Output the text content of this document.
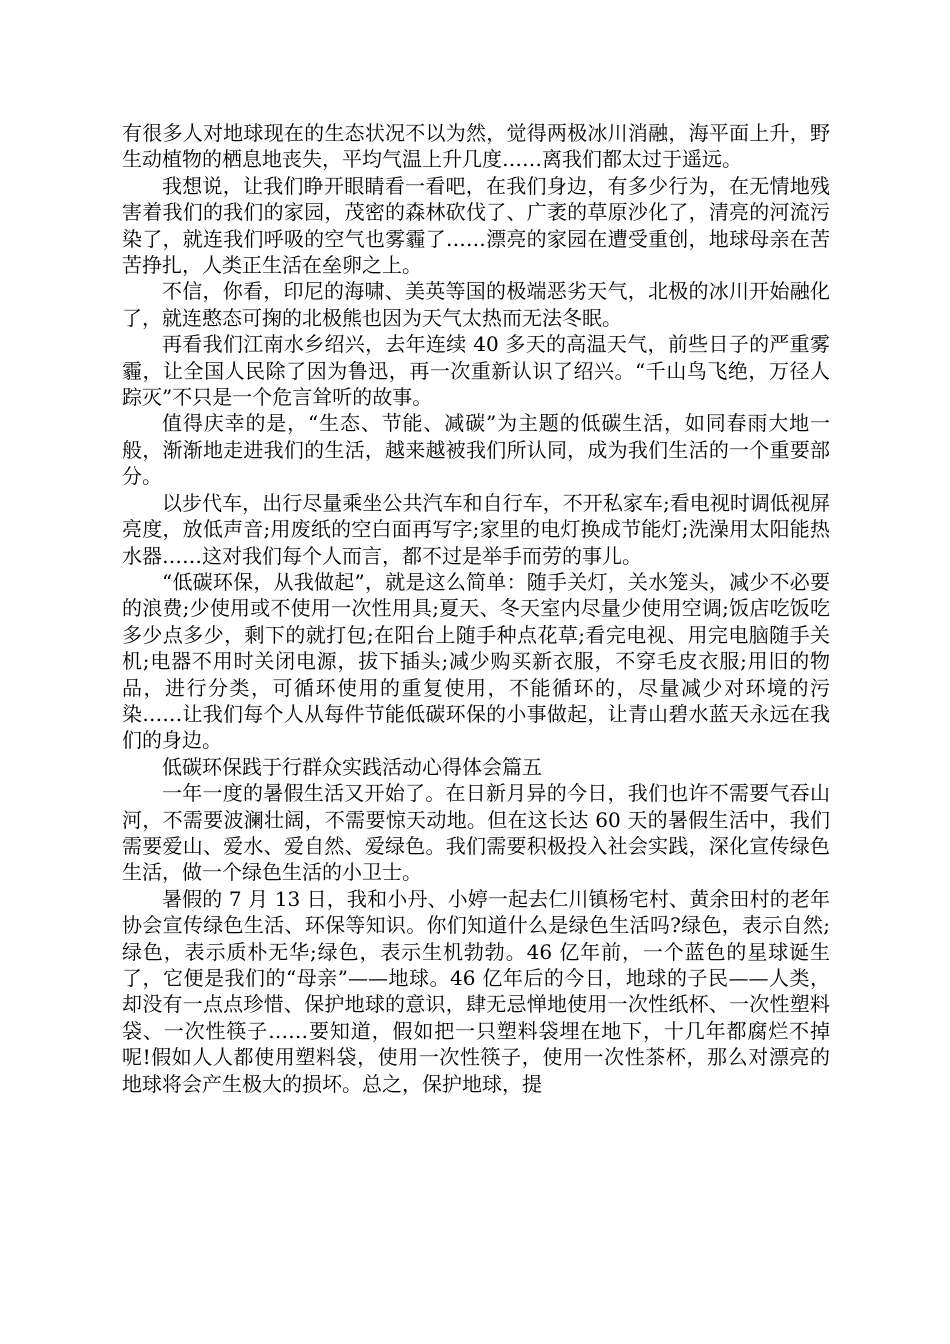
有很多人对地球现在的生态状况不以为然，觉得两极冰川消融，海平面上升，野生动植物的栖息地丧失，平均气温上升几度……离我们都太过于遥远。

我想说，让我们睁开眼睛看一看吧，在我们身边，有多少行为，在无情地残害着我们的我们的家园，茂密的森林砍伐了、广袤的草原沙化了，清亮的河流污染了，就连我们呼吸的空气也雾霾了……漂亮的家园在遭受重创，地球母亲在苦苦挣扎，人类正生活在垒卵之上。

不信，你看，印尼的海啸、美英等国的极端恶劣天气，北极的冰川开始融化了，就连憨态可掬的北极熊也因为天气太热而无法冬眠。

再看我们江南水乡绍兴，去年连续 40 多天的高温天气，前些日子的严重雾霾，让全国人民除了因为鲁迅，再一次重新认识了绍兴。“千山鸟飞绝，万径人踪灭”不只是一个危言耸听的故事。

值得庆幸的是，“生态、节能、减碳”为主题的低碳生活，如同春雨大地一般，渐渐地走进我们的生活，越来越被我们所认同，成为我们生活的一个重要部分。

以步代车，出行尽量乘坐公共汽车和自行车，不开私家车;看电视时调低视屏亮度，放低声音;用废纸的空白面再写字;家里的电灯换成节能灯;洗澡用太阳能热水器……这对我们每个人而言，都不过是举手而劳的事儿。

“低碳环保，从我做起”，就是这么简单：随手关灯，关水笼头，减少不必要的浪费;少使用或不使用一次性用具;夏天、冬天室内尽量少使用空调;饭店吃饭吃多少点多少，剩下的就打包;在阳台上随手种点花草;看完电视、用完电脑随手关机;电器不用时关闭电源，拔下插头;减少购买新衣服，不穿毛皮衣服;用旧的物品，进行分类，可循环使用的重复使用，不能循环的，尽量减少对环境的污染……让我们每个人从每件节能低碳环保的小事做起，让青山碧水蓝天永远在我们的身边。

低碳环保践于行群众实践活动心得体会篇五

一年一度的暑假生活又开始了。在日新月异的今日，我们也许不需要气吞山河，不需要波澜壮阔，不需要惊天动地。但在这长达 60 天的暑假生活中，我们需要爱山、爱水、爱自然、爱绿色。我们需要积极投入社会实践，深化宣传绿色生活，做一个绿色生活的小卫士。

暑假的 7 月 13 日，我和小丹、小婷一起去仁川镇杨宅村、黄余田村的老年协会宣传绿色生活、环保等知识。你们知道什么是绿色生活吗?绿色，表示自然;绿色，表示质朴无华;绿色，表示生机勃勃。46 亿年前，一个蓝色的星球诞生了，它便是我们的“母亲”——地球。46 亿年后的今日，地球的子民——人类，却没有一点点珍惜、保护地球的意识，肆无忌惮地使用一次性纸杯、一次性塑料袋、一次性筷子……要知道，假如把一只塑料袋埋在地下，十几年都腐烂不掉呢!假如人人都使用塑料袋，使用一次性筷子，使用一次性茶杯，那么对漂亮的地球将会产生极大的损坏。总之，保护地球，提
